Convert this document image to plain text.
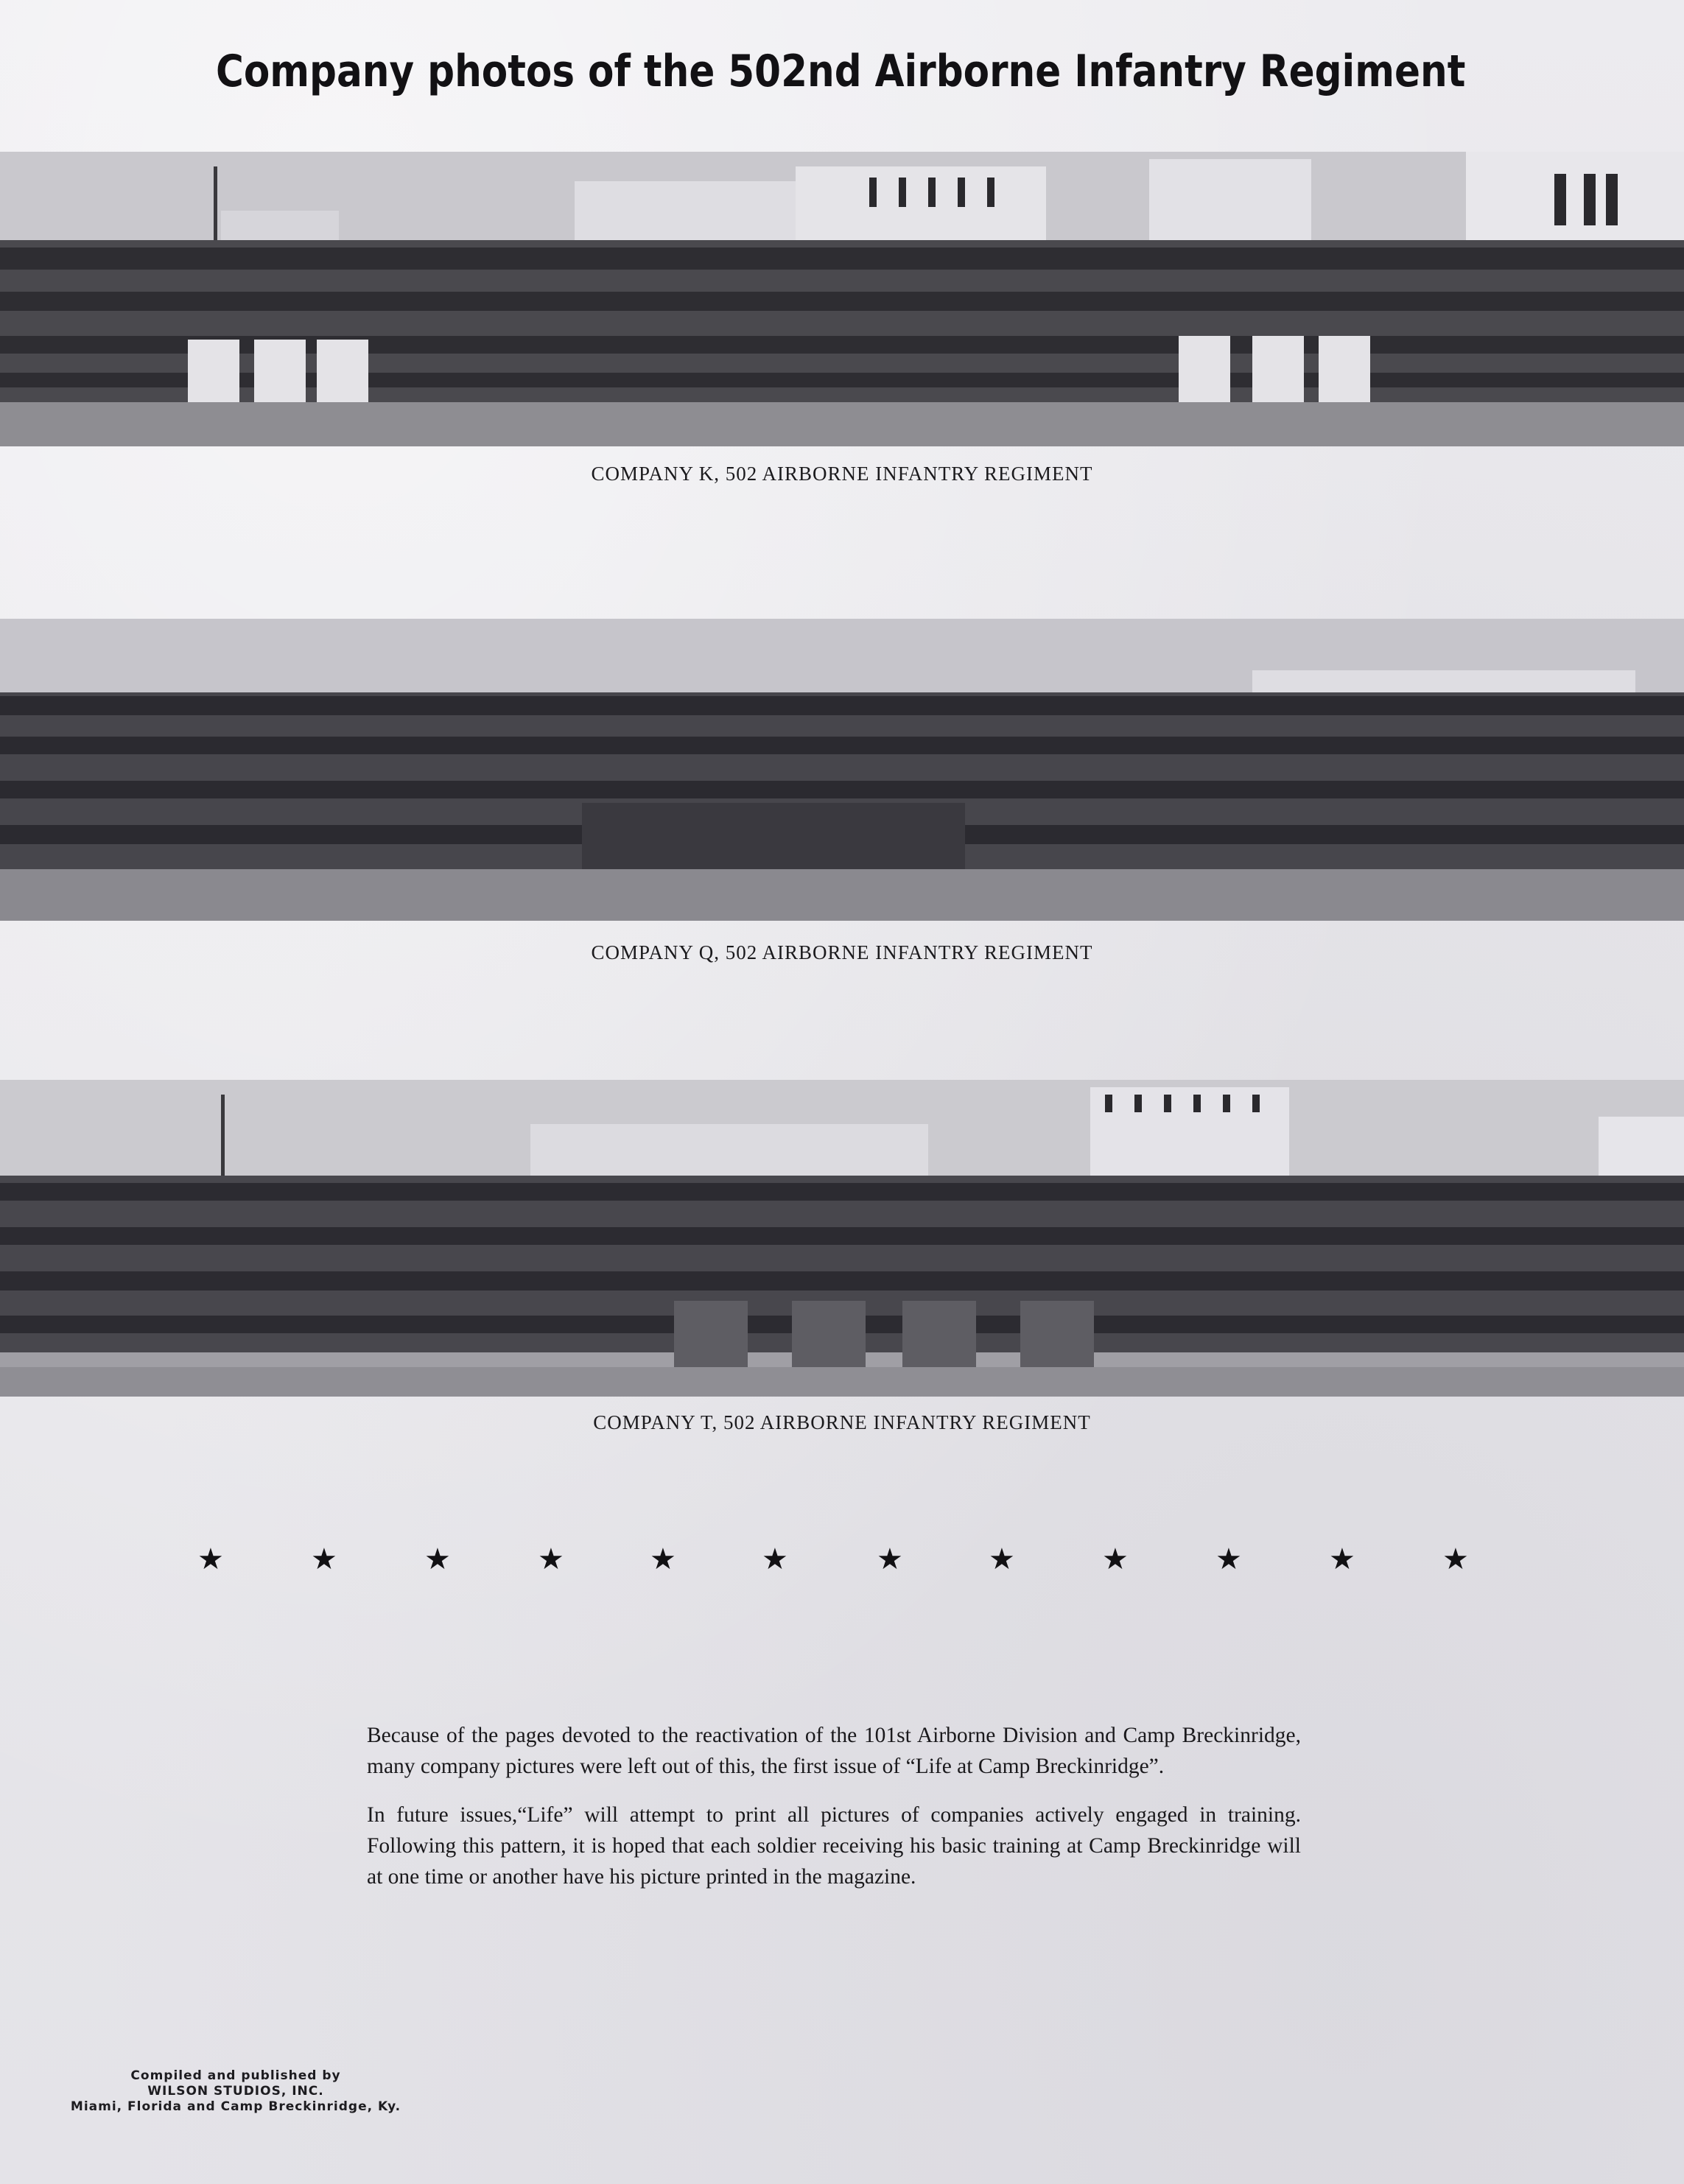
Company photos of the 502nd Airborne Infantry Regiment
COMPANY K, 502 AIRBORNE INFANTRY REGIMENT
COMPANY Q, 502 AIRBORNE INFANTRY REGIMENT
COMPANY T, 502 AIRBORNE INFANTRY REGIMENT
★	★	★	★	★	★	★	★	★	★	★	★

Because of the pages devoted to the reactivation of the 101st Airborne Division and Camp Breckinridge, many company pictures were left out of this, the first issue of “Life at Camp Breckinridge”.

In future issues,“Life” will attempt to print all pictures of companies actively engaged in training. Following this pattern, it is hoped that each soldier receiving his basic training at Camp Breckinridge will at one time or another have his picture printed in the magazine.

Compiled and published by
WILSON STUDIOS, INC.
Miami, Florida and Camp Breckinridge, Ky.
